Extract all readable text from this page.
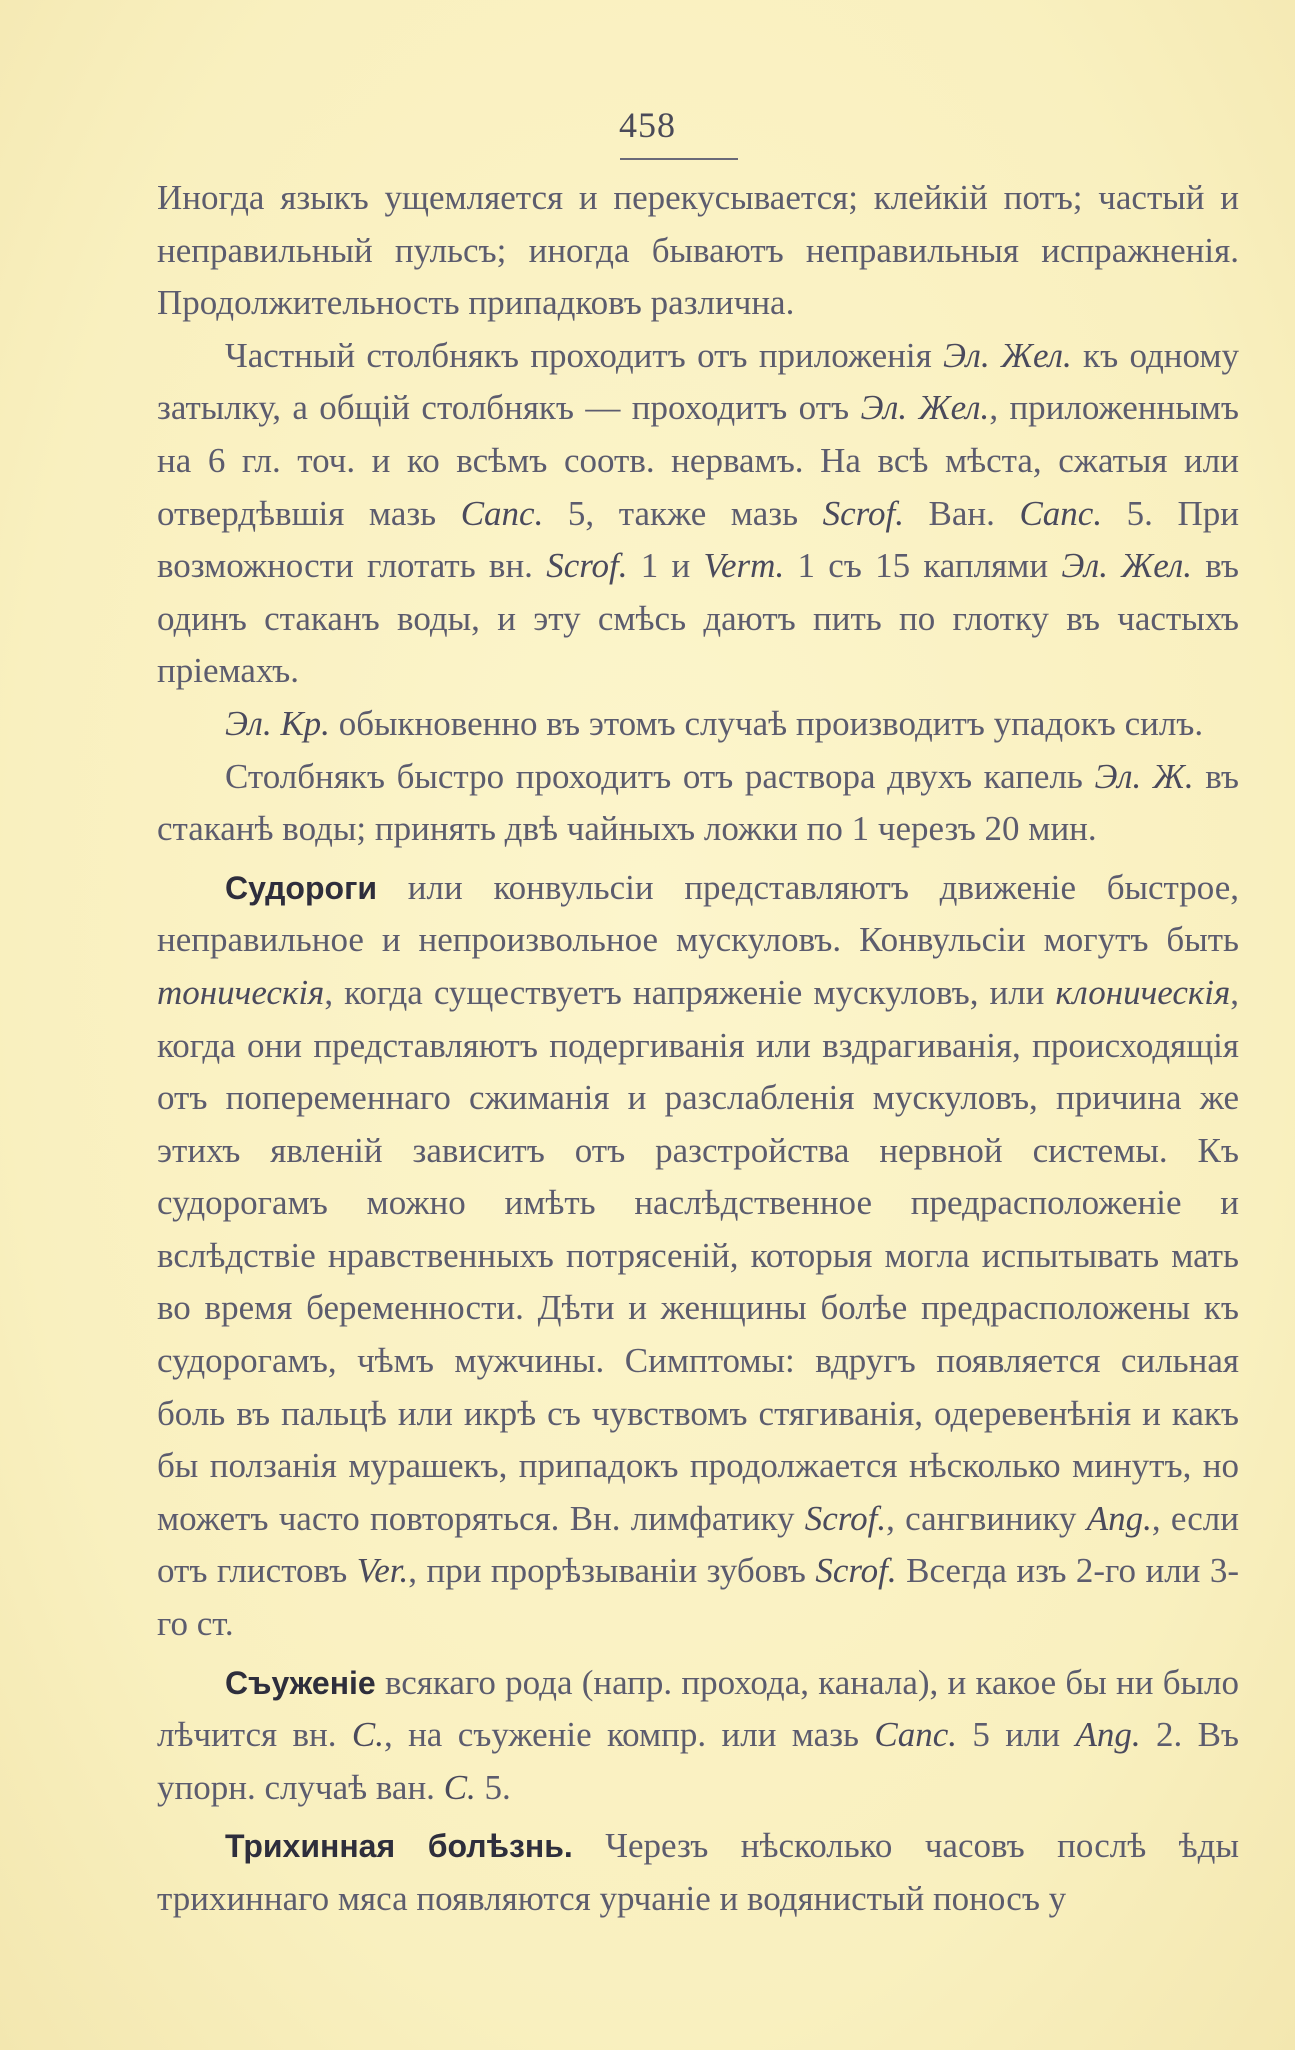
458

Иногда языкъ ущемляется и перекусывается; клейкій потъ; частый и неправильный пульсъ; иногда бываютъ неправильныя испражненія. Продолжительность припадковъ различна.

Частный столбнякъ проходитъ отъ приложенія Эл. Жел. къ одному затылку, а общій столбнякъ — проходитъ отъ Эл. Жел., приложеннымъ на 6 гл. точ. и ко всѣмъ соотв. нервамъ. На всѣ мѣста, сжатыя или отвердѣвшія мазь Canc. 5, также мазь Scrof. Ван. Canc. 5. При возможности глотать вн. Scrof. 1 и Verm. 1 съ 15 каплями Эл. Жел. въ одинъ стаканъ воды, и эту смѣсь даютъ пить по глотку въ частыхъ пріемахъ.

Эл. Кр. обыкновенно въ этомъ случаѣ производитъ упадокъ силъ.

Столбнякъ быстро проходитъ отъ раствора двухъ капель Эл. Ж. въ стаканѣ воды; принять двѣ чайныхъ ложки по 1 черезъ 20 мин.

Судороги или конвульсіи представляютъ движеніе быстрое, неправильное и непроизвольное мускуловъ. Конвульсіи могутъ быть тоническія, когда существуетъ напряженіе мускуловъ, или клоническія, когда они представляютъ подергиванія или вздрагиванія, происходящія отъ попеременнаго сжиманія и разслабленія мускуловъ, причина же этихъ явленій зависитъ отъ разстройства нервной системы. Къ судорогамъ можно имѣть наслѣдственное предрасположеніе и вслѣдствіе нравственныхъ потрясеній, которыя могла испытывать мать во время беременности. Дѣти и женщины болѣе предрасположены къ судорогамъ, чѣмъ мужчины. Симптомы: вдругъ появляется сильная боль въ пальцѣ или икрѣ съ чувствомъ стягиванія, одеревенѣнія и какъ бы ползанія мурашекъ, припадокъ продолжается нѣсколько минутъ, но можетъ часто повторяться. Вн. лимфатику Scrof., сангвинику Ang., если отъ глистовъ Ver., при прорѣзываніи зубовъ Scrof. Всегда изъ 2-го или 3-го ст.

Съуженіе всякаго рода (напр. прохода, канала), и какое бы ни было лѣчится вн. C., на съуженіе компр. или мазь Canc. 5 или Ang. 2. Въ упорн. случаѣ ван. C. 5.

Трихинная болѣзнь. Черезъ нѣсколько часовъ послѣ ѣды трихиннаго мяса появляются урчаніе и водянистый поносъ у
